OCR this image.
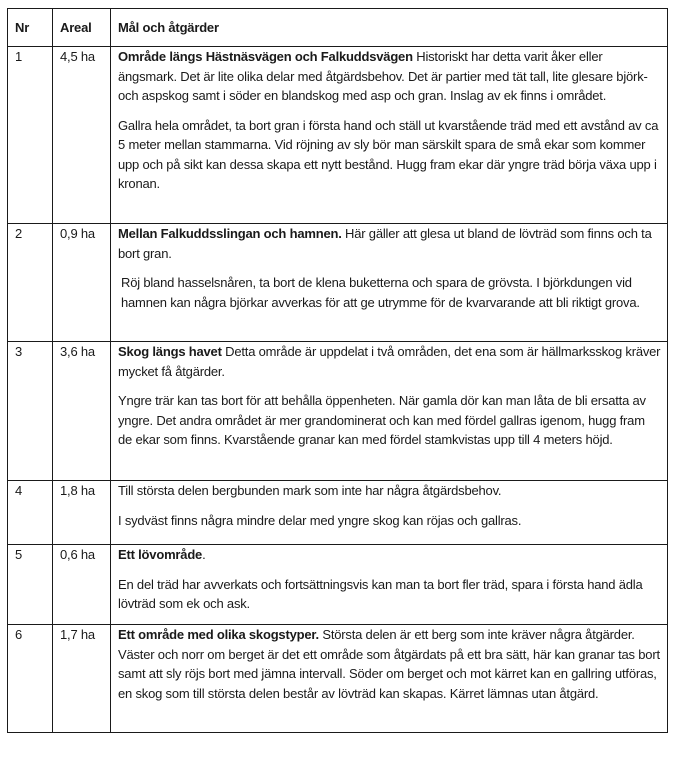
Nr	Areal	Mål och åtgärder
1	4,5 ha	Område längs Hästnäsvägen och Falkuddsvägen Historiskt har detta varit åker eller ängsmark. Det är lite olika delar med åtgärdsbehov. Det är partier med tät tall, lite glesare björk- och aspskog samt i söder en blandskog med asp och gran. Inslag av ek finns i området.

Gallra hela området, ta bort gran i första hand och ställ ut kvarstående träd med ett avstånd av ca 5 meter mellan stammarna. Vid röjning av sly bör man särskilt spara de små ekar som kommer upp och på sikt kan dessa skapa ett nytt bestånd. Hugg fram ekar där yngre träd börja växa upp i kronan.

2	0,9 ha	Mellan Falkuddsslingan och hamnen. Här gäller att glesa ut bland de lövträd som finns och ta bort gran.

Röj bland hasselsnåren, ta bort de klena buketterna och spara de grövsta. I björkdungen vid hamnen kan några björkar avverkas för att ge utrymme för de kvarvarande att bli riktigt grova.

3	3,6 ha	Skog längs havet Detta område är uppdelat i två områden, det ena som är hällmarksskog kräver mycket få åtgärder.

Yngre trär kan tas bort för att behålla öppenheten. När gamla dör kan man låta de bli ersatta av yngre. Det andra området är mer grandominerat och kan med fördel gallras igenom, hugg fram de ekar som finns. Kvarstående granar kan med fördel stamkvistas upp till 4 meters höjd.

4	1,8 ha	Till största delen bergbunden mark som inte har några åtgärdsbehov.

I sydväst finns några mindre delar med yngre skog kan röjas och gallras.

5	0,6 ha	Ett lövområde.

En del träd har avverkats och fortsättningsvis kan man ta bort fler träd, spara i första hand ädla lövträd som ek och ask.

6	1,7 ha	Ett område med olika skogstyper. Största delen är ett berg som inte kräver några åtgärder. Väster och norr om berget är det ett område som åtgärdats på ett bra sätt, här kan granar tas bort samt att sly röjs bort med jämna intervall. Söder om berget och mot kärret kan en gallring utföras, en skog som till största delen består av lövträd kan skapas. Kärret lämnas utan åtgärd.
